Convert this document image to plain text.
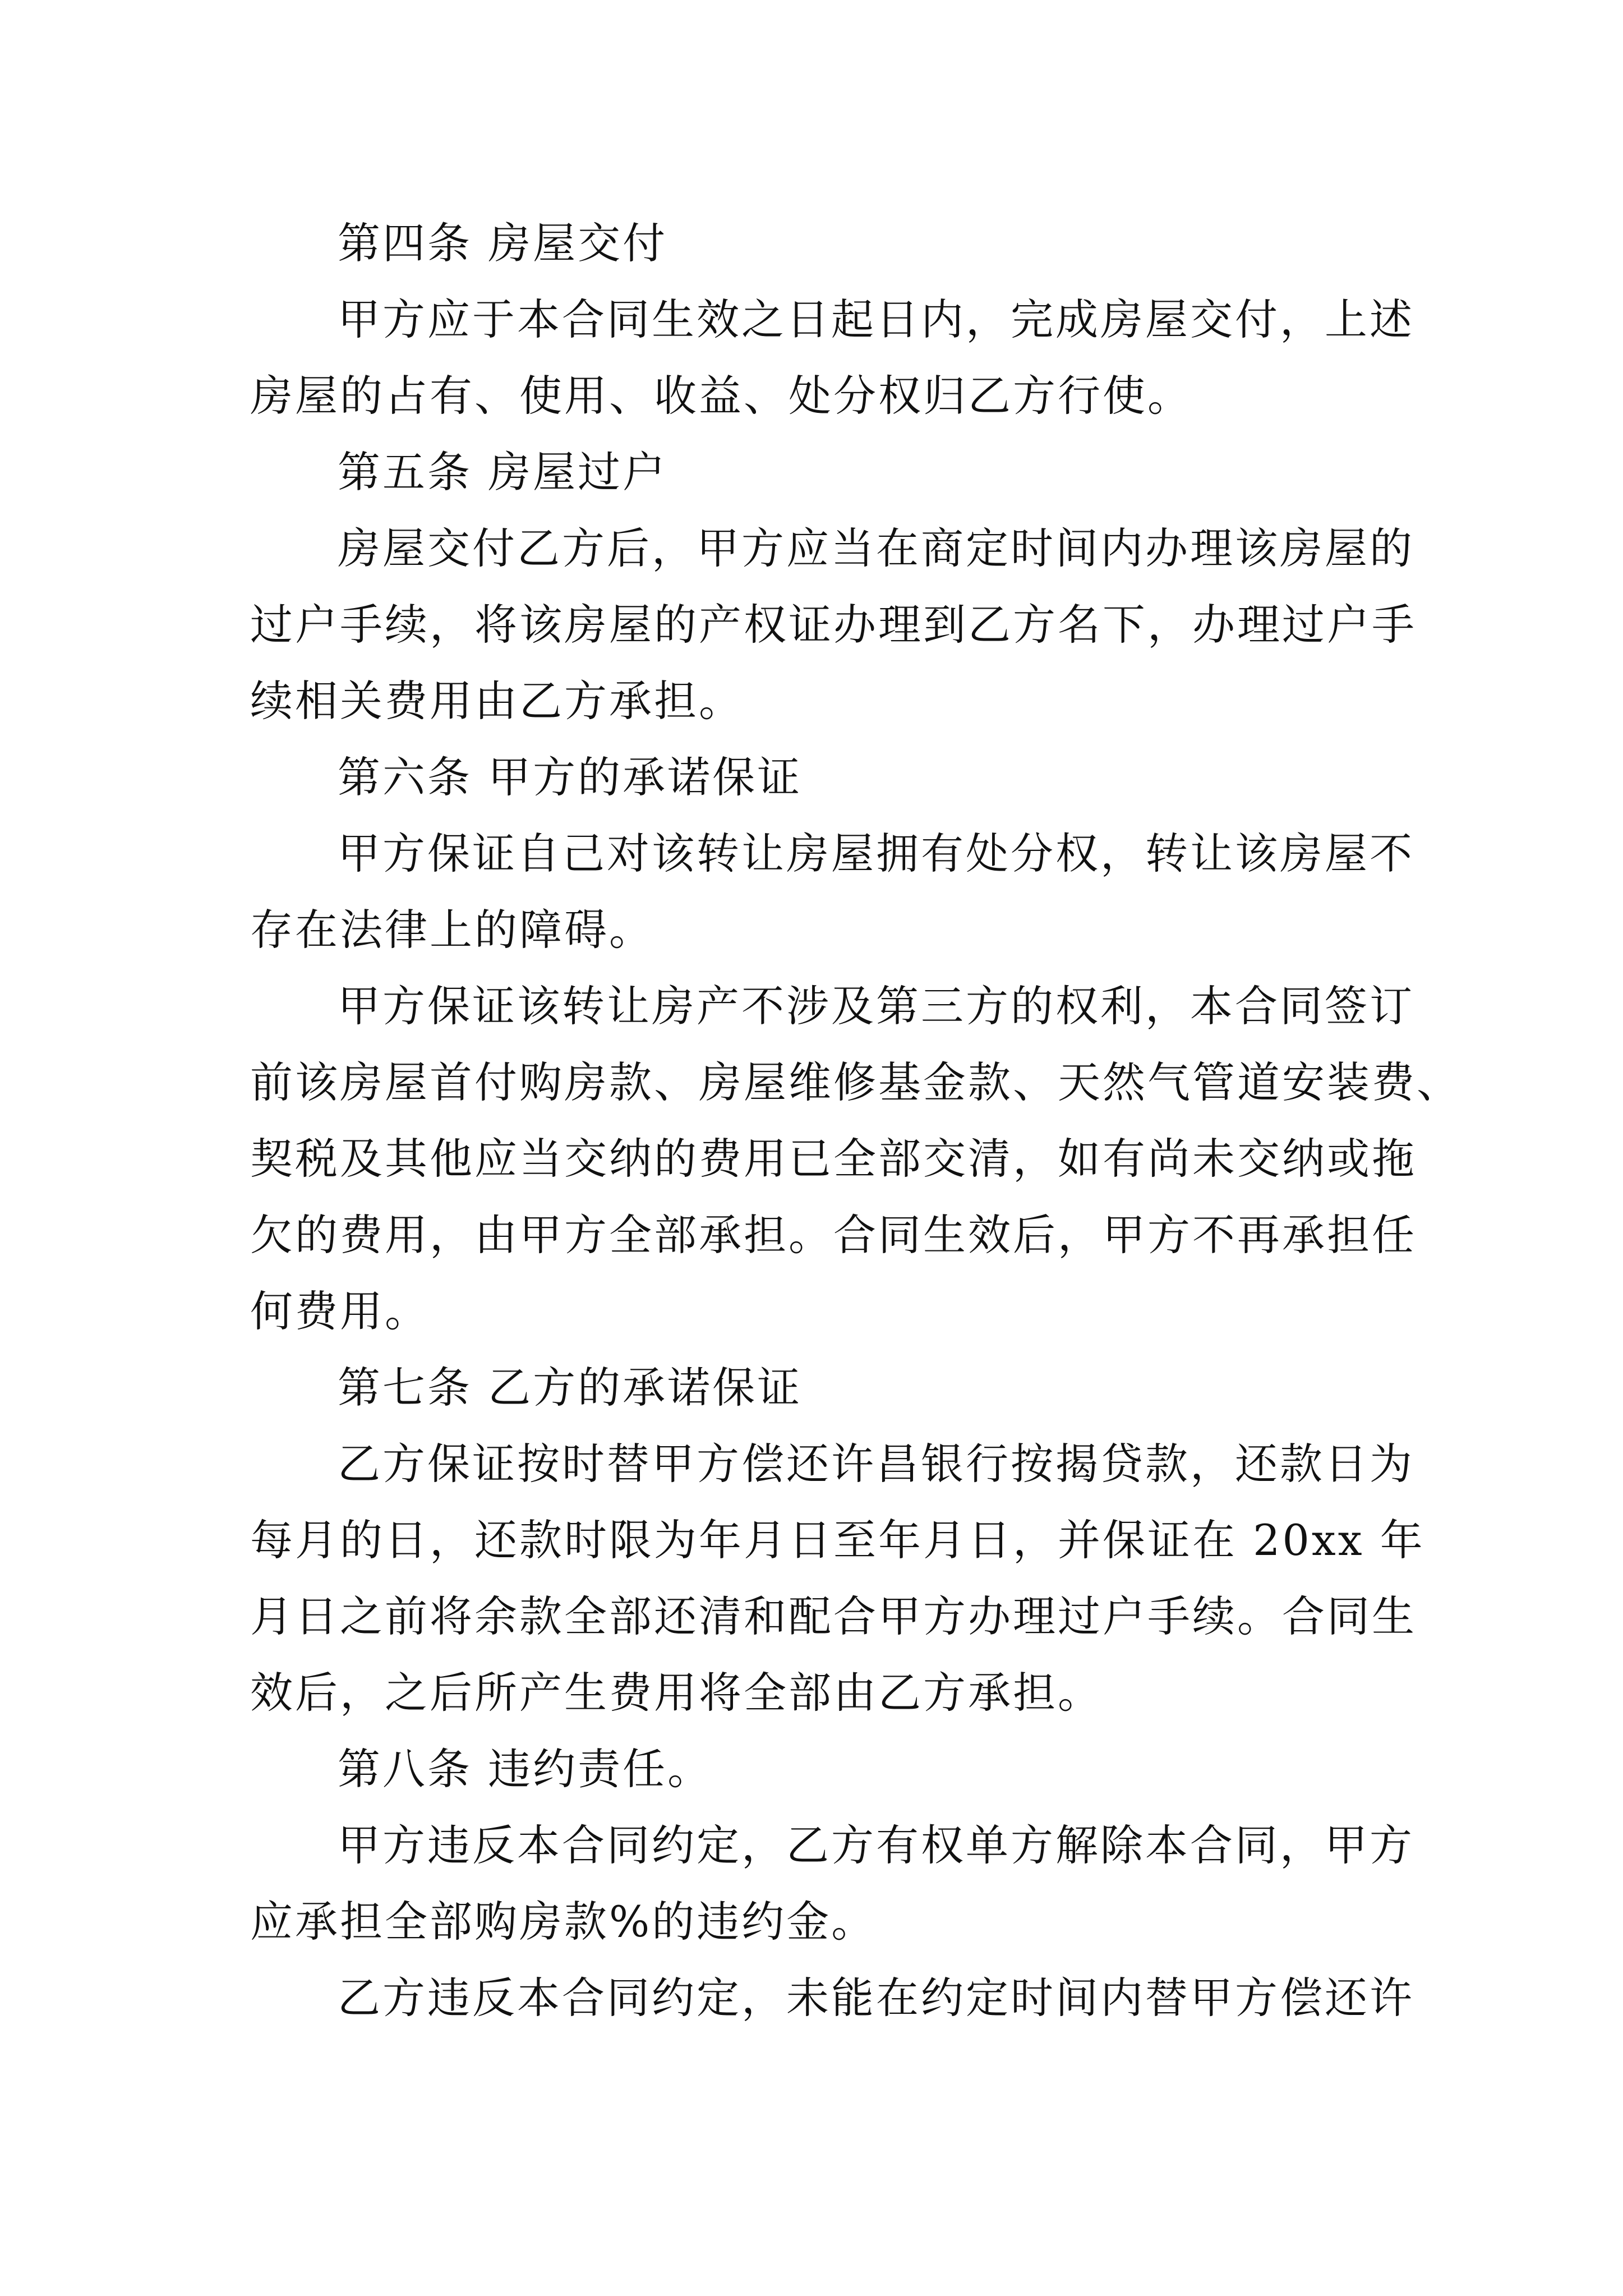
第四条 房屋交付
甲方应于本合同生效之日起日内，完成房屋交付，上述
房屋的占有、使用、收益、处分权归乙方行使。
第五条 房屋过户
房屋交付乙方后，甲方应当在商定时间内办理该房屋的
过户手续，将该房屋的产权证办理到乙方名下，办理过户手
续相关费用由乙方承担。
第六条 甲方的承诺保证
甲方保证自己对该转让房屋拥有处分权，转让该房屋不
存在法律上的障碍。
甲方保证该转让房产不涉及第三方的权利，本合同签订
前该房屋首付购房款、房屋维修基金款、天然气管道安装费、
契税及其他应当交纳的费用已全部交清，如有尚未交纳或拖
欠的费用，由甲方全部承担。合同生效后，甲方不再承担任
何费用。
第七条 乙方的承诺保证
乙方保证按时替甲方偿还许昌银行按揭贷款，还款日为
每月的日，还款时限为年月日至年月日，并保证在 20xx 年
月日之前将余款全部还清和配合甲方办理过户手续。合同生
效后，之后所产生费用将全部由乙方承担。
第八条 违约责任。
甲方违反本合同约定，乙方有权单方解除本合同，甲方
应承担全部购房款%的违约金。
乙方违反本合同约定，未能在约定时间内替甲方偿还许
